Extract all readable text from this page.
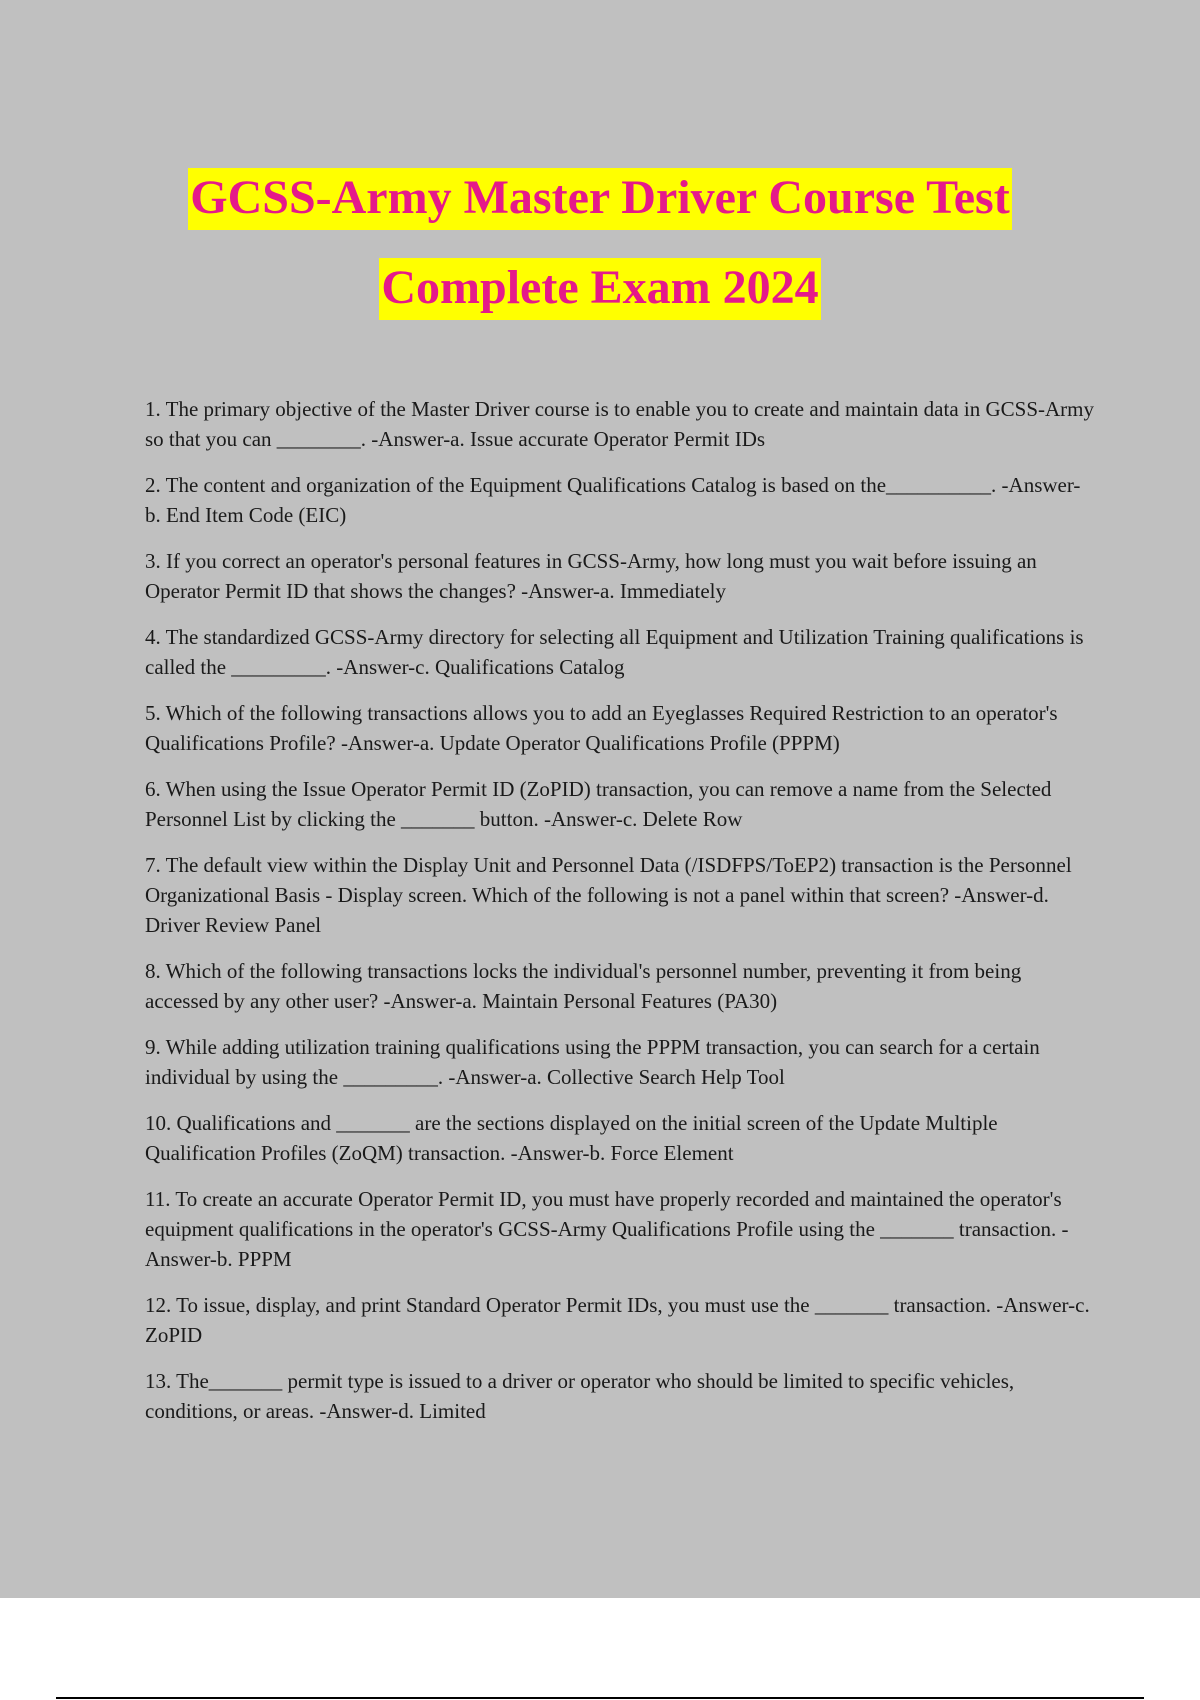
GCSS-Army Master Driver Course Test
Complete Exam 2024

1. The primary objective of the Master Driver course is to enable you to create and maintain data in GCSS-Army so that you can ________. -Answer-a. Issue accurate Operator Permit IDs

2. The content and organization of the Equipment Qualifications Catalog is based on the__________. -Answer-b. End Item Code (EIC)

3. If you correct an operator's personal features in GCSS-Army, how long must you wait before issuing an Operator Permit ID that shows the changes? -Answer-a. Immediately

4. The standardized GCSS-Army directory for selecting all Equipment and Utilization Training qualifications is called the _________. -Answer-c. Qualifications Catalog

5. Which of the following transactions allows you to add an Eyeglasses Required Restriction to an operator's Qualifications Profile? -Answer-a. Update Operator Qualifications Profile (PPPM)

6. When using the Issue Operator Permit ID (ZoPID) transaction, you can remove a name from the Selected Personnel List by clicking the _______ button. -Answer-c. Delete Row

7. The default view within the Display Unit and Personnel Data (/ISDFPS/ToEP2) transaction is the Personnel Organizational Basis - Display screen. Which of the following is not a panel within that screen? -Answer-d. Driver Review Panel

8. Which of the following transactions locks the individual's personnel number, preventing it from being accessed by any other user? -Answer-a. Maintain Personal Features (PA30)

9. While adding utilization training qualifications using the PPPM transaction, you can search for a certain individual by using the _________. -Answer-a. Collective Search Help Tool

10. Qualifications and _______ are the sections displayed on the initial screen of the Update Multiple Qualification Profiles (ZoQM) transaction. -Answer-b. Force Element

11. To create an accurate Operator Permit ID, you must have properly recorded and maintained the operator's equipment qualifications in the operator's GCSS-Army Qualifications Profile using the _______ transaction. -Answer-b. PPPM

12. To issue, display, and print Standard Operator Permit IDs, you must use the _______ transaction. -Answer-c. ZoPID

13. The_______ permit type is issued to a driver or operator who should be limited to specific vehicles, conditions, or areas. -Answer-d. Limited
